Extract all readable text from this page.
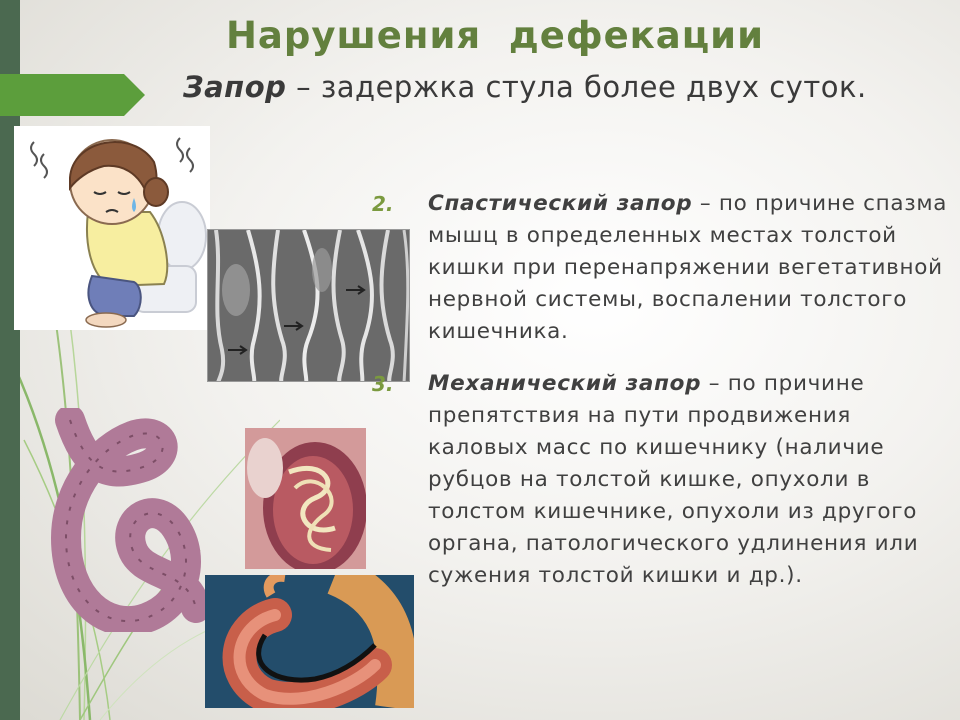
Нарушения  дефекации
Запор – задержка стула более двух суток.
2.	Спастический запор – по причине спазма мышц в определенных местах толстой кишки при перенапряжении вегетативной нервной системы, воспалении толстого кишечника.
3.	Механический запор – по причине препятствия на пути продвижения каловых масс по кишечнику (наличие рубцов на толстой кишке, опухоли в толстом кишечнике, опухоли из другого органа, патологического удлинения или сужения толстой кишки и др.).
